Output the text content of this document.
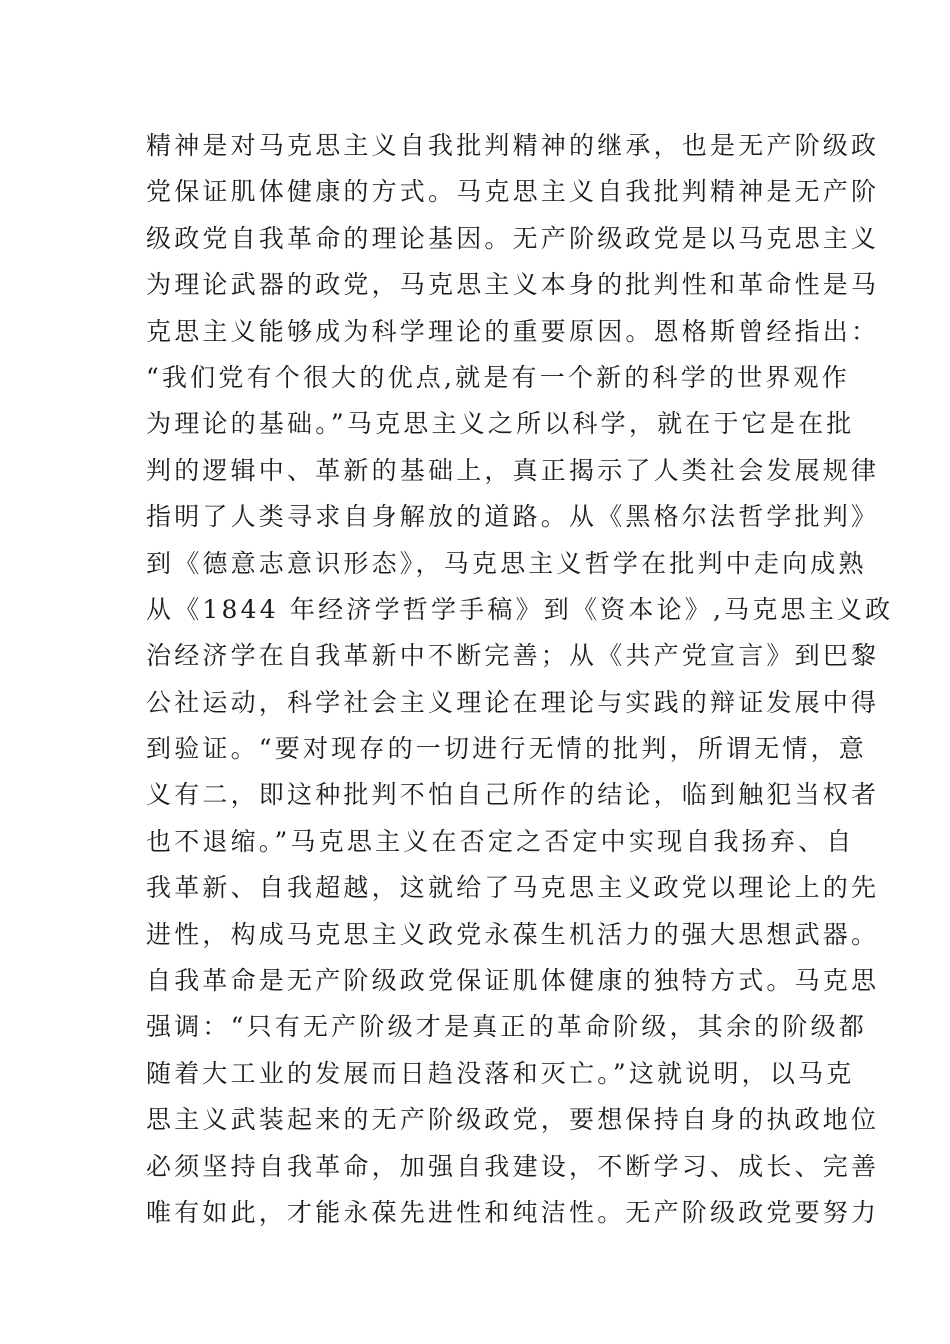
精神是对马克思主义自我批判精神的继承，也是无产阶级政
党保证肌体健康的方式。马克思主义自我批判精神是无产阶
级政党自我革命的理论基因。无产阶级政党是以马克思主义
为理论武器的政党，马克思主义本身的批判性和革命性是马
克思主义能够成为科学理论的重要原因。恩格斯曾经指出：
“我们党有个很大的优点,就是有一个新的科学的世界观作
为理论的基础。”马克思主义之所以科学，就在于它是在批
判的逻辑中、革新的基础上，真正揭示了人类社会发展规律
指明了人类寻求自身解放的道路。从《黑格尔法哲学批判》
到《德意志意识形态》，马克思主义哲学在批判中走向成熟
从《1844 年经济学哲学手稿》到《资本论》,马克思主义政
治经济学在自我革新中不断完善；从《共产党宣言》到巴黎
公社运动，科学社会主义理论在理论与实践的辩证发展中得
到验证。“要对现存的一切进行无情的批判，所谓无情，意
义有二，即这种批判不怕自己所作的结论，临到触犯当权者
也不退缩。”马克思主义在否定之否定中实现自我扬弃、自
我革新、自我超越，这就给了马克思主义政党以理论上的先
进性，构成马克思主义政党永葆生机活力的强大思想武器。
自我革命是无产阶级政党保证肌体健康的独特方式。马克思
强调：“只有无产阶级才是真正的革命阶级，其余的阶级都
随着大工业的发展而日趋没落和灭亡。”这就说明，以马克
思主义武装起来的无产阶级政党，要想保持自身的执政地位
必须坚持自我革命，加强自我建设，不断学习、成长、完善
唯有如此，才能永葆先进性和纯洁性。无产阶级政党要努力
